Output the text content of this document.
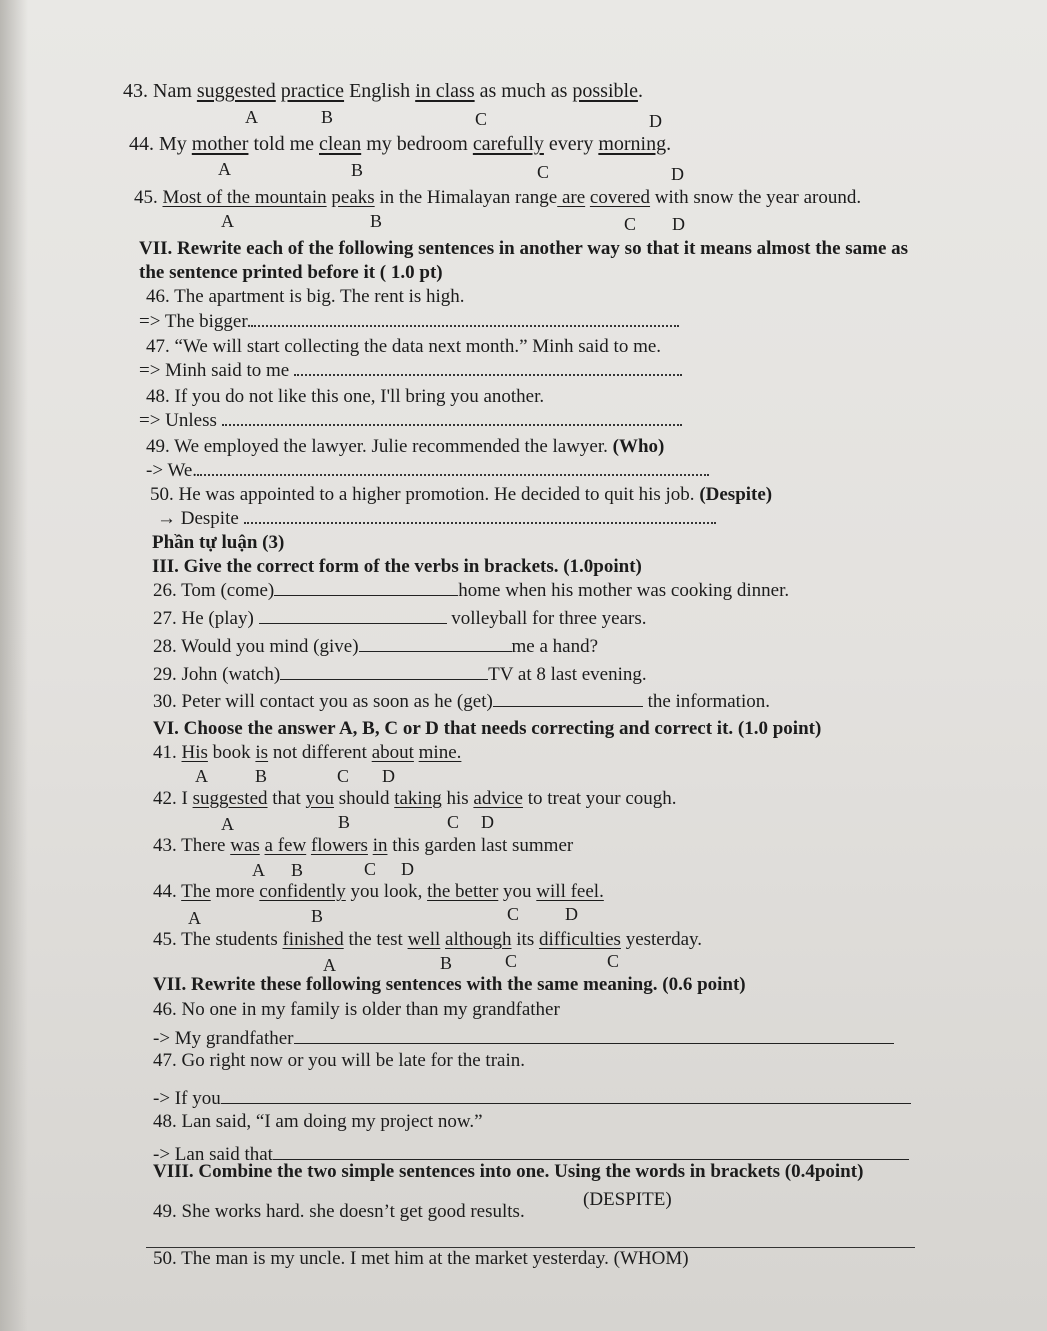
43. Nam suggested practice English in class as much as possible.
A	B	C	D
44. My mother told me clean my bedroom carefully every morning.
A	B	C	D
45. Most of the mountain peaks in the Himalayan range are covered with snow the year around.
A	B	C D
VII. Rewrite each of the following sentences in another way so that it means almost the same as
the sentence printed before it ( 1.0 pt)
46. The apartment is big. The rent is high.
=> The bigger.
47. “We will start collecting the data next month.” Minh said to me.
=> Minh said to me
48. If you do not like this one, I'll bring you another.
=> Unless
49. We employed the lawyer. Julie recommended the lawyer. (Who)
-> We.
50. He was appointed to a higher promotion. He decided to quit his job. (Despite)
→ Despite
Phần tự luận (3)
III. Give the correct form of the verbs in brackets. (1.0point)
26. Tom (come)	home when his mother was cooking dinner.
27. He (play)	volleyball for three years.
28. Would you mind (give)	me a hand?
29. John (watch)	TV at 8 last evening.
30. Peter will contact you as soon as he (get)	the information.
VI. Choose the answer A, B, C or D that needs correcting and correct it. (1.0 point)
41. His book is not different about mine.
A	B	C D
42. I suggested that you should taking his advice to treat your cough.
A	B	C D
43. There was a few flowers in this garden last summer
A B	C D
44. The more confidently you look, the better you will feel.
A	B	C	D
45. The students finished the test well although its difficulties yesterday.
A	B	C	C
VII. Rewrite these following sentences with the same meaning. (0.6 point)
46. No one in my family is older than my grandfather
-> My grandfather
47. Go right now or you will be late for the train.
-> If you
48. Lan said, “I am doing my project now.”
-> Lan said that
VIII. Combine the two simple sentences into one. Using the words in brackets (0.4point)
49. She works hard. she doesn’t get good results.
(DESPITE)
50. The man is my uncle. I met him at the market yesterday. (WHOM)
